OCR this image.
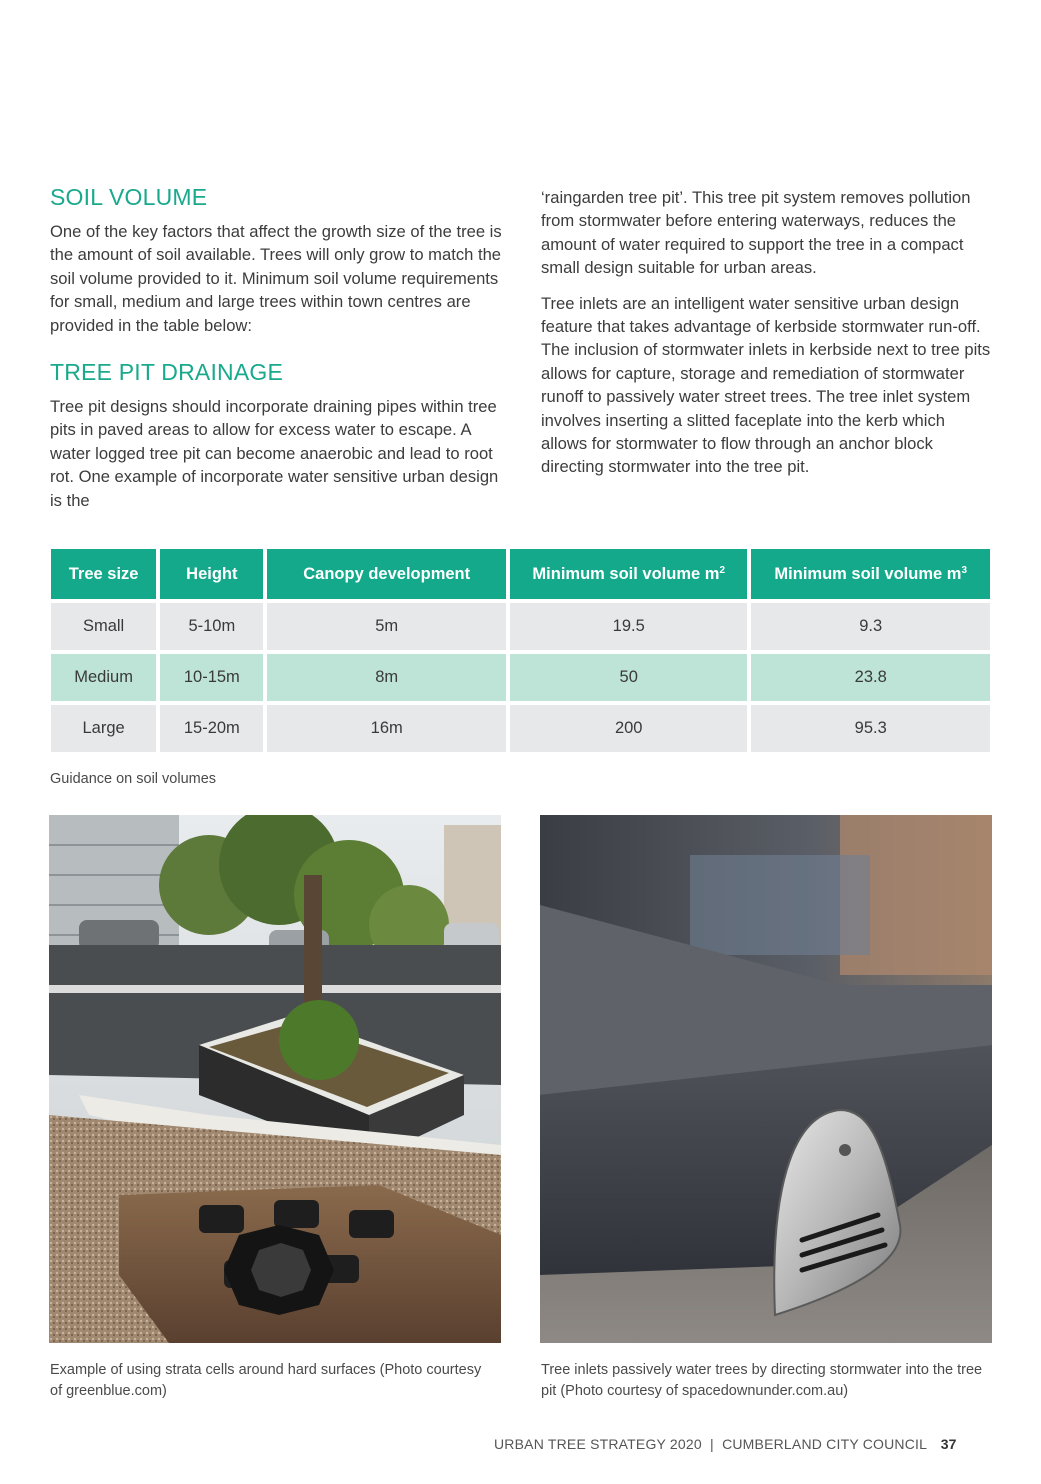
SOIL VOLUME

One of the key factors that affect the growth size of the tree is the amount of soil available. Trees will only grow to match the soil volume provided to it. Minimum soil volume requirements for small, medium and large trees within town centres are provided in the table below:

TREE PIT DRAINAGE

Tree pit designs should incorporate draining pipes within tree pits in paved areas to allow for excess water to escape. A water logged tree pit can become anaerobic and lead to root rot. One example of incorporate water sensitive urban design is the

‘raingarden tree pit’. This tree pit system removes pollution from stormwater before entering waterways, reduces the amount of water required to support the tree in a compact small design suitable for urban areas.

Tree inlets are an intelligent water sensitive urban design feature that takes advantage of kerbside stormwater run-off. The inclusion of stormwater inlets in kerbside next to tree pits allows for capture, storage and remediation of stormwater runoff to passively water street trees. The tree inlet system involves inserting a slitted faceplate into the kerb which allows for stormwater to flow through an anchor block directing stormwater into the tree pit.

Tree size	Height	Canopy development	Minimum soil volume $m^2$	Minimum soil volume $m^3$
Small	5-10m	5m	19.5	9.3
Medium	10-15m	8m	50	23.8
Large	15-20m	16m	200	95.3
Guidance on soil volumes
Example of using strata cells around hard surfaces (Photo courtesy of greenblue.com)
Tree inlets passively water trees by directing stormwater into the tree pit (Photo courtesy of spacedownunder.com.au)
URBAN TREE STRATEGY 2020  |  CUMBERLAND CITY COUNCIL 37
